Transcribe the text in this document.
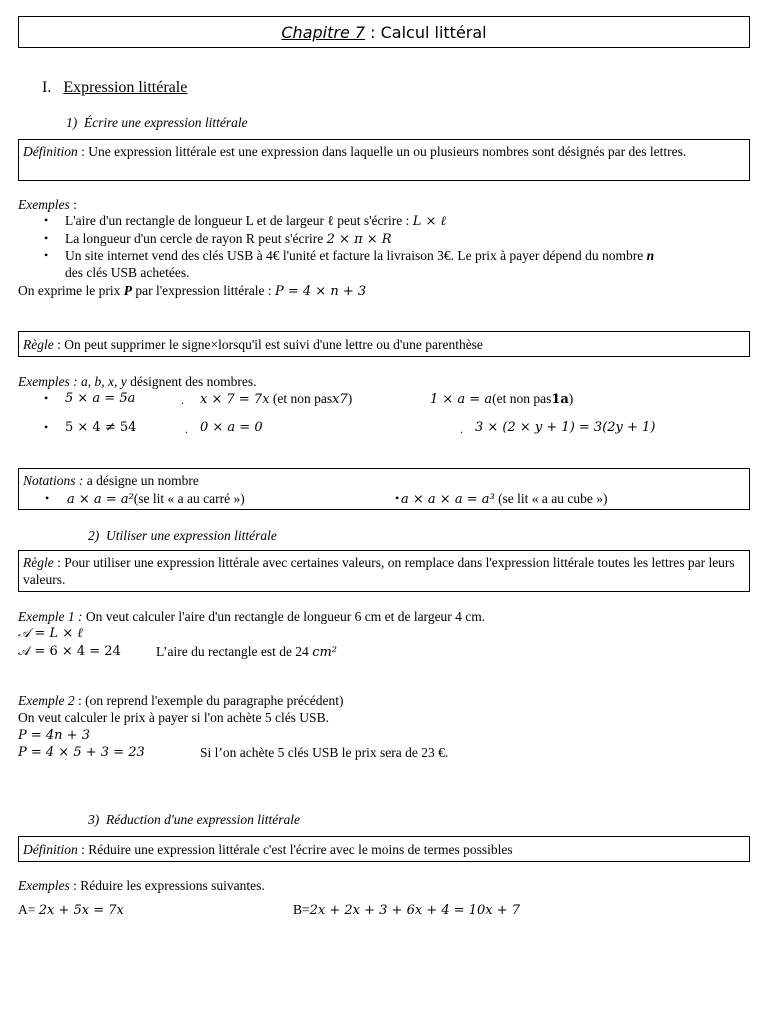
Chapitre 7 : Calcul littéral
I. Expression littérale
1)  Écrire une expression littérale
Définition : Une expression littérale est une expression dans laquelle un ou plusieurs nombres sont désignés par des lettres.
Exemples :
• L'aire d'un rectangle de longueur L et de largeur ℓ peut s'écrire : L × ℓ
• La longueur d'un cercle de rayon R peut s'écrire 2 × π × R
• Un site internet vend des clés USB à 4€ l'unité et facture la livraison 3€. Le prix à payer dépend du nombre n
des clés USB achetées.
On exprime le prix P par l'expression littérale : P = 4 × n + 3
Règle : On peut supprimer le signe×lorsqu'il est suivi d'une lettre ou d'une parenthèse
Exemples : a, b, x, y désignent des nombres.
• 5 × a = 5a	. x × 7 = 7x (et non pasx7)	1 × a = a(et non pas1a)
• 5 × 4 ≠ 54	. 0 × a = 0	. 3 × (2 × y + 1) = 3(2y + 1)
Notations : a désigne un nombre
• a × a = a²(se lit « a au carré »)	• a × a × a = a³ (se lit « a au cube »)
2)  Utiliser une expression littérale
Règle : Pour utiliser une expression littérale avec certaines valeurs, on remplace dans l'expression littérale toutes les lettres par leurs valeurs.
Exemple 1 : On veut calculer l'aire d'un rectangle de longueur 6 cm et de largeur 4 cm.
𝒜 = L × ℓ
𝒜 = 6 × 4 = 24	L’aire du rectangle est de 24 cm²
Exemple 2 : (on reprend l'exemple du paragraphe précédent)
On veut calculer le prix à payer si l'on achète 5 clés USB.
P = 4n + 3
P = 4 × 5 + 3 = 23	Si l’on achète 5 clés USB le prix sera de 23 €.
3)  Réduction d'une expression littérale
Définition : Réduire une expression littérale c'est l'écrire avec le moins de termes possibles
Exemples : Réduire les expressions suivantes.
A= 2x + 5x = 7x	B=2x + 2x + 3 + 6x + 4 = 10x + 7
